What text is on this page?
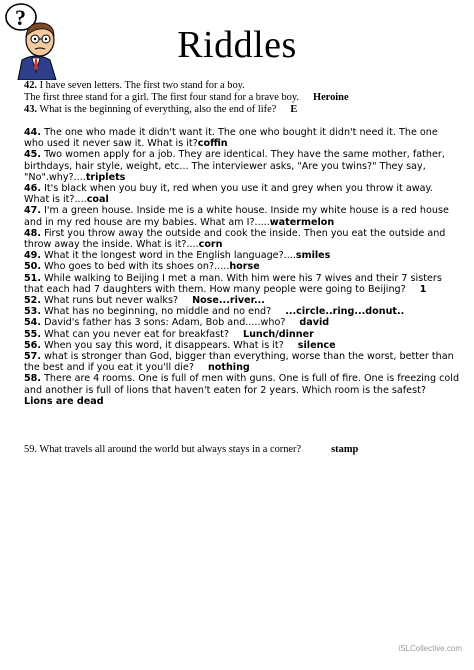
?
Riddles

42. I have seven letters. The first two stand for a boy.

The first three stand for a girl. The first four stand for a brave boy. Heroine

43. What is the beginning of everything, also the end of life? E

44. The one who made it didn't want it. The one who bought it didn't need it. The one who used it never saw it. What is it?coffin

45. Two women apply for a job. They are identical. They have the same mother, father, birthdays, hair style, weight, etc... The interviewer asks, "Are you twins?" They say, "No".why?....triplets

46. It's black when you buy it, red when you use it and grey when you throw it away. What is it?....coal

47. I'm a green house. Inside me is a white house. Inside my white house is a red house and in my red house are my babies. What am I?.....watermelon

48. First you throw away the outside and cook the inside. Then you eat the outside and throw away the inside. What is it?....corn

49. What it the longest word in the English language?....smiles

50. Who goes to bed with its shoes on?.....horse

51. While walking to Beijing I met a man. With him were his 7 wives and their 7 sisters that each had 7 daughters with them. How many people were going to Beijing? 1

52. What runs but never walks? Nose...river...

53. What has no beginning, no middle and no end? ...circle..ring...donut..

54. David's father has 3 sons: Adam, Bob and.....who? david

55. What can you never eat for breakfast? Lunch/dinner

56. When you say this word, it disappears. What is it? silence

57. what is stronger than God, bigger than everything, worse than the worst, better than the best and if you eat it you'll die? nothing

58. There are 4 rooms. One is full of men with guns. One is full of fire. One is freezing cold and another is full of lions that haven't eaten for 2 years. Which room is the safest?
Lions are dead

59. What travels all around the world but always stays in a corner?	stamp
iSLCollective.com
